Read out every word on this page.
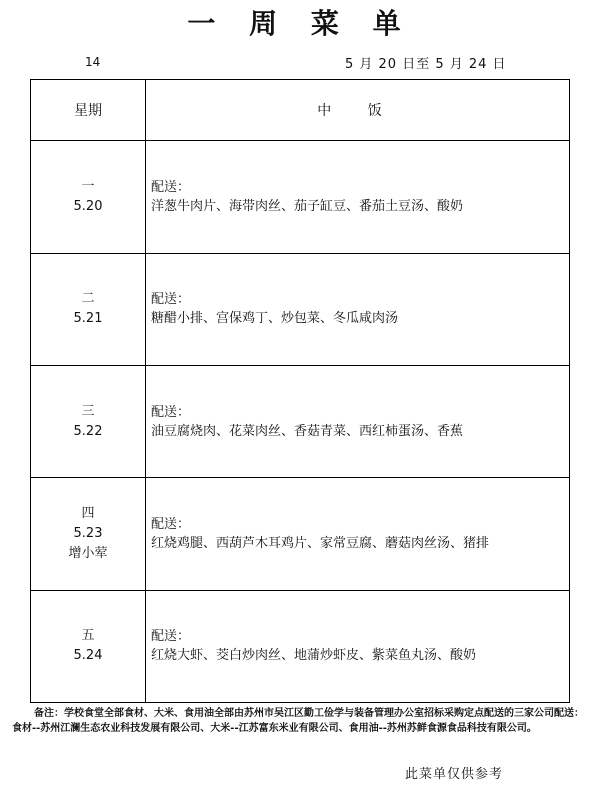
一 周 菜 单
14	5 月 20 日至 5 月 24 日
星期	中 饭

一
5.20	配送：
洋葱牛肉片、海带肉丝、茄子缸豆、番茄土豆汤、酸奶

二
5.21	配送：
糖醋小排、宫保鸡丁、炒包菜、冬瓜咸肉汤

三
5.22	配送：
油豆腐烧肉、花菜肉丝、香菇青菜、西红柿蛋汤、香蕉

四
5.23
增小荤	配送：
红烧鸡腿、西葫芦木耳鸡片、家常豆腐、蘑菇肉丝汤、猪排

五
5.24	配送：
红烧大虾、茭白炒肉丝、地蒲炒虾皮、紫菜鱼丸汤、酸奶
备注：学校食堂全部食材、大米、食用油全部由苏州市吴江区勤工俭学与装备管理办公室招标采购定点配送的三家公司配送：食材--苏州江澜生态农业科技发展有限公司、大米--江苏富东米业有限公司、食用油--苏州苏鲜食源食品科技有限公司。
此菜单仅供参考
